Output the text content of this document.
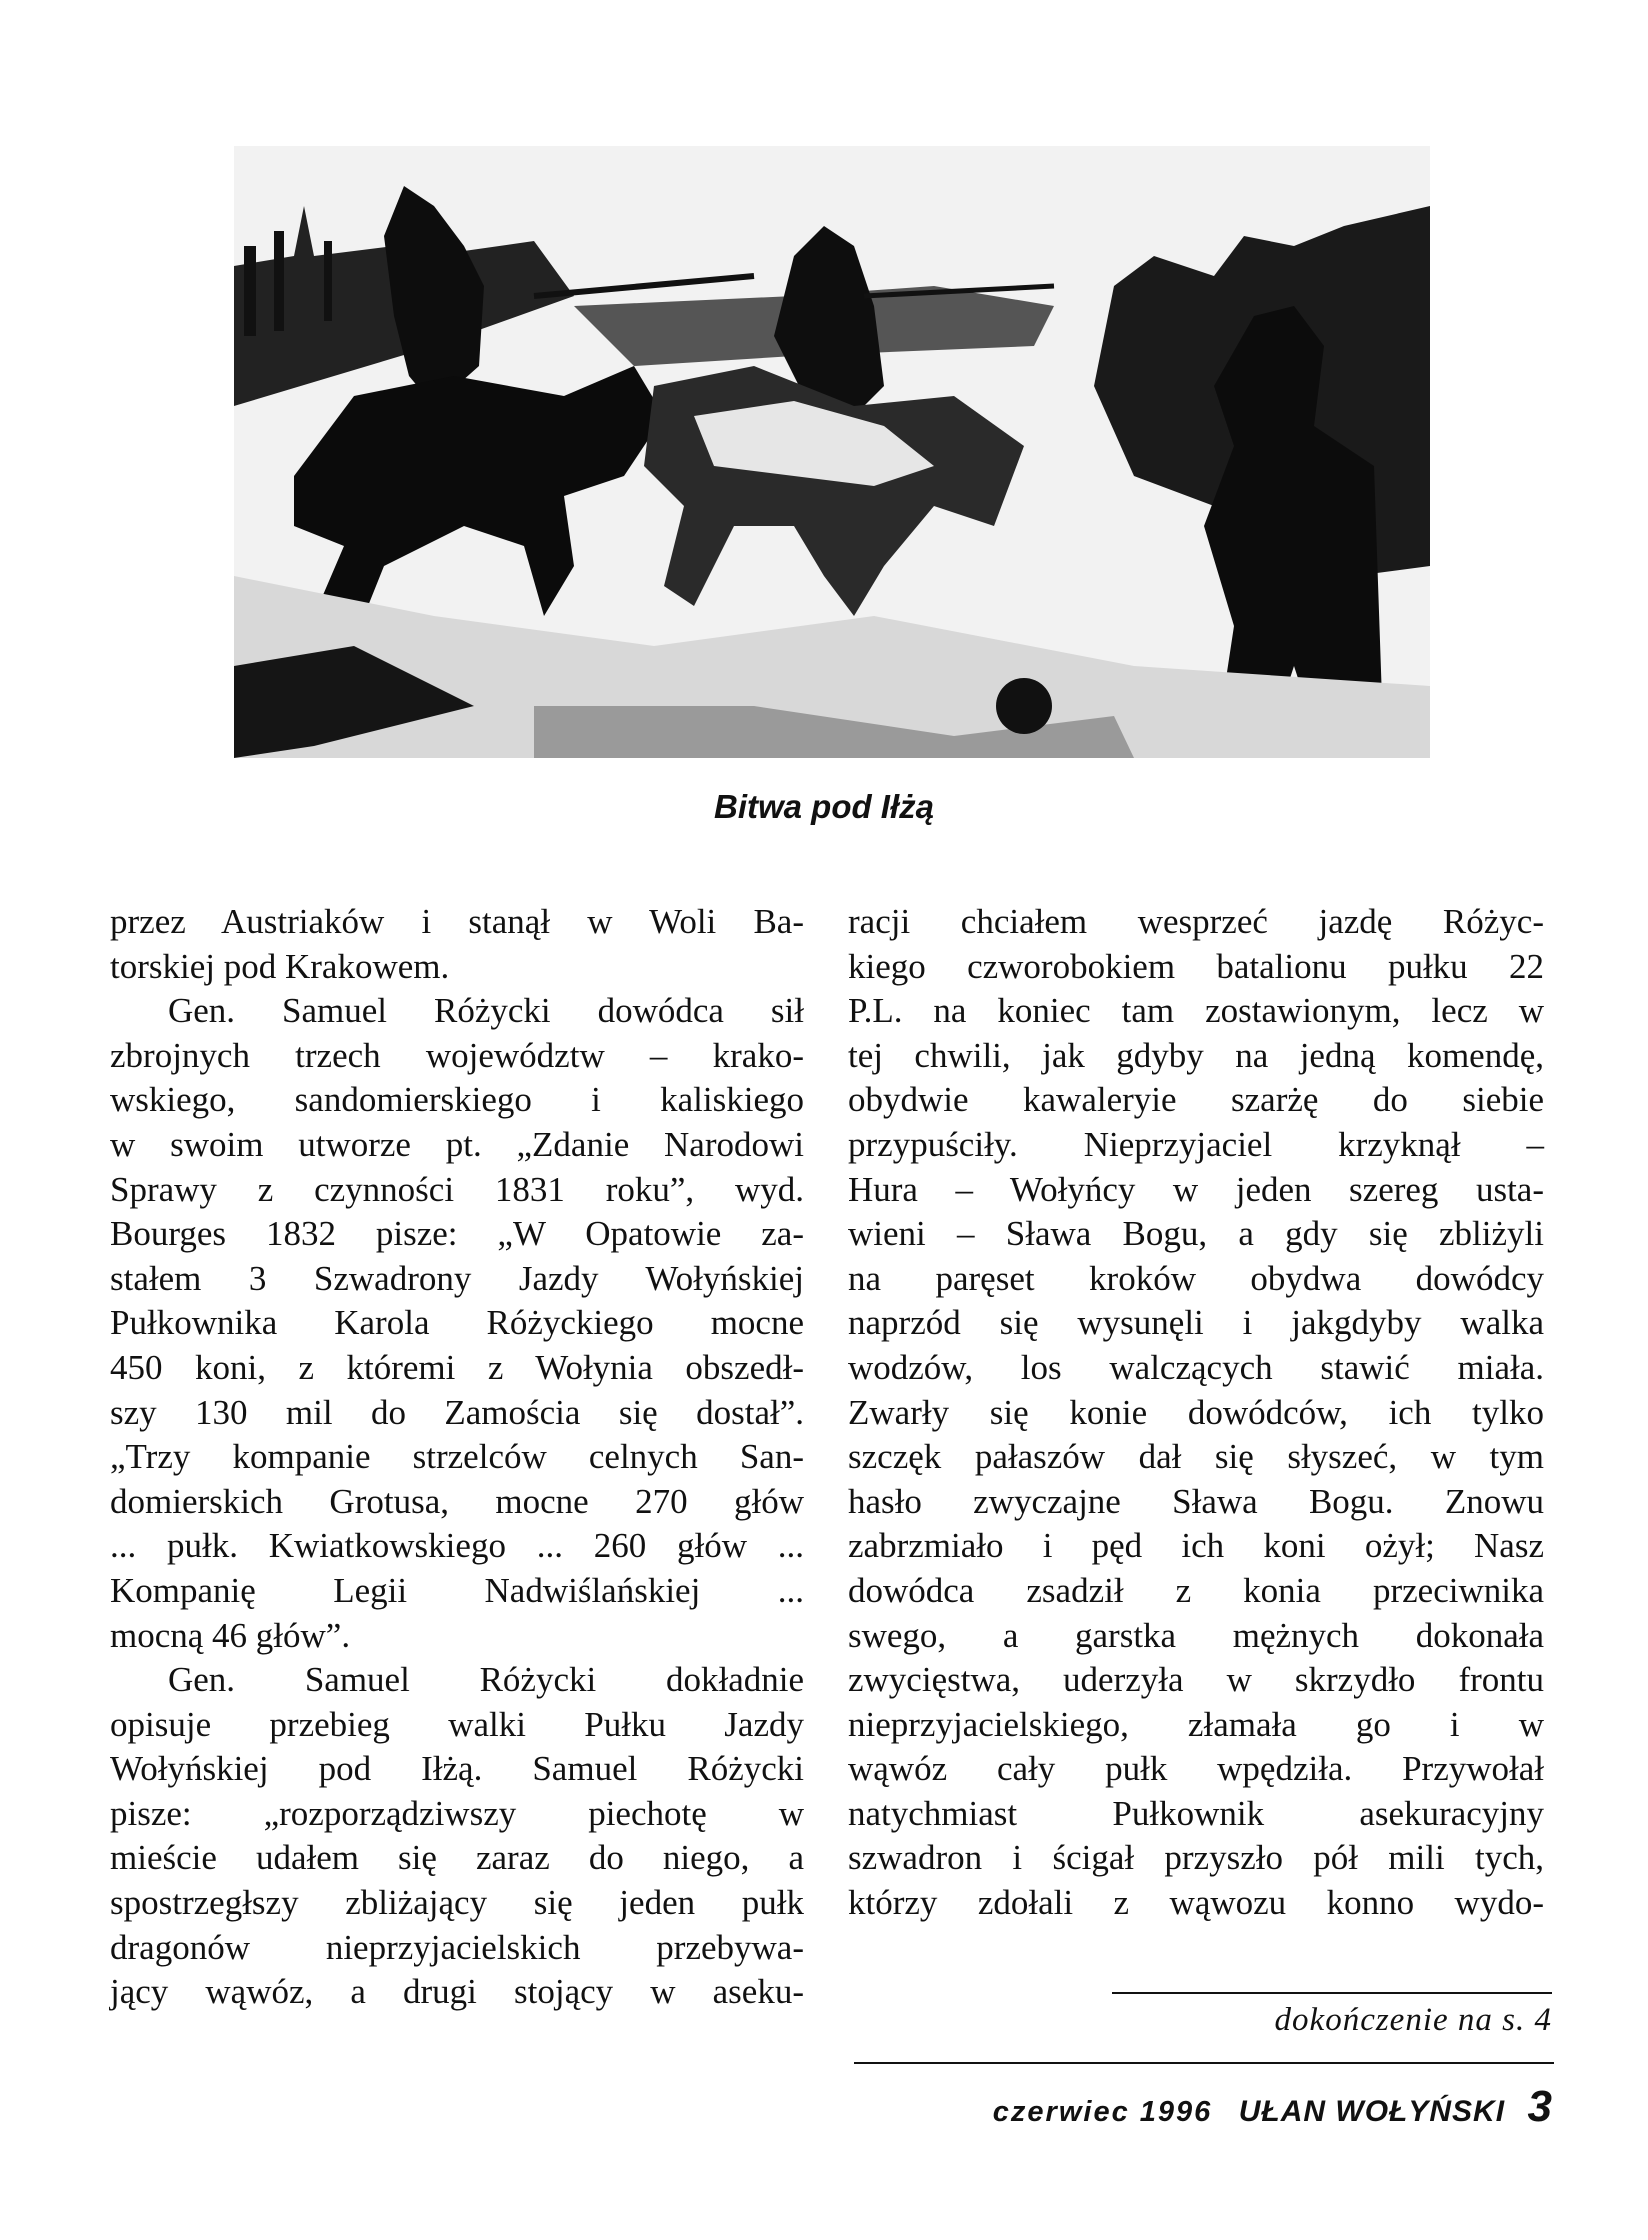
Bitwa pod Iłżą
przez Austriaków i stanął w Woli Ba-
torskiej pod Krakowem.
Gen. Samuel Różycki dowódca sił
zbrojnych trzech województw – krako-
wskiego, sandomierskiego i kaliskiego
w swoim utworze pt. „Zdanie Narodowi
Sprawy z czynności 1831 roku”, wyd.
Bourges 1832 pisze: „W Opatowie za-
stałem 3 Szwadrony Jazdy Wołyńskiej
Pułkownika Karola Różyckiego mocne
450 koni, z któremi z Wołynia obszedł-
szy 130 mil do Zamościa się dostał”.
„Trzy kompanie strzelców celnych San-
domierskich Grotusa, mocne 270 głów
... pułk. Kwiatkowskiego ... 260 głów ...
Kompanię Legii Nadwiślańskiej ...
mocną 46 głów”.
Gen. Samuel Różycki dokładnie
opisuje przebieg walki Pułku Jazdy
Wołyńskiej pod Iłżą. Samuel Różycki
pisze: „rozporządziwszy piechotę w
mieście udałem się zaraz do niego, a
spostrzegłszy zbliżający się jeden pułk
dragonów nieprzyjacielskich przebywa-
jący wąwóz, a drugi stojący w aseku-
racji chciałem wesprzeć jazdę Różyc-
kiego czworobokiem batalionu pułku 22
P.L. na koniec tam zostawionym, lecz w
tej chwili, jak gdyby na jedną komendę,
obydwie kawaleryie szarżę do siebie
przypuściły. Nieprzyjaciel krzyknął –
Hura – Wołyńcy w jeden szereg usta-
wieni – Sława Bogu, a gdy się zbliżyli
na paręset kroków obydwa dowódcy
naprzód się wysunęli i jakgdyby walka
wodzów, los walczących stawić miała.
Zwarły się konie dowódców, ich tylko
szczęk pałaszów dał się słyszeć, w tym
hasło zwyczajne Sława Bogu. Znowu
zabrzmiało i pęd ich koni ożył; Nasz
dowódca zsadził z konia przeciwnika
swego, a garstka mężnych dokonała
zwycięstwa, uderzyła w skrzydło frontu
nieprzyjacielskiego, złamała go i w
wąwóz cały pułk wpędziła. Przywołał
natychmiast Pułkownik asekuracyjny
szwadron i ścigał przyszło pół mili tych,
którzy zdołali z wąwozu konno wydo-
dokończenie na s. 4
czerwiec 1996 UŁAN WOŁYŃSKI 3
